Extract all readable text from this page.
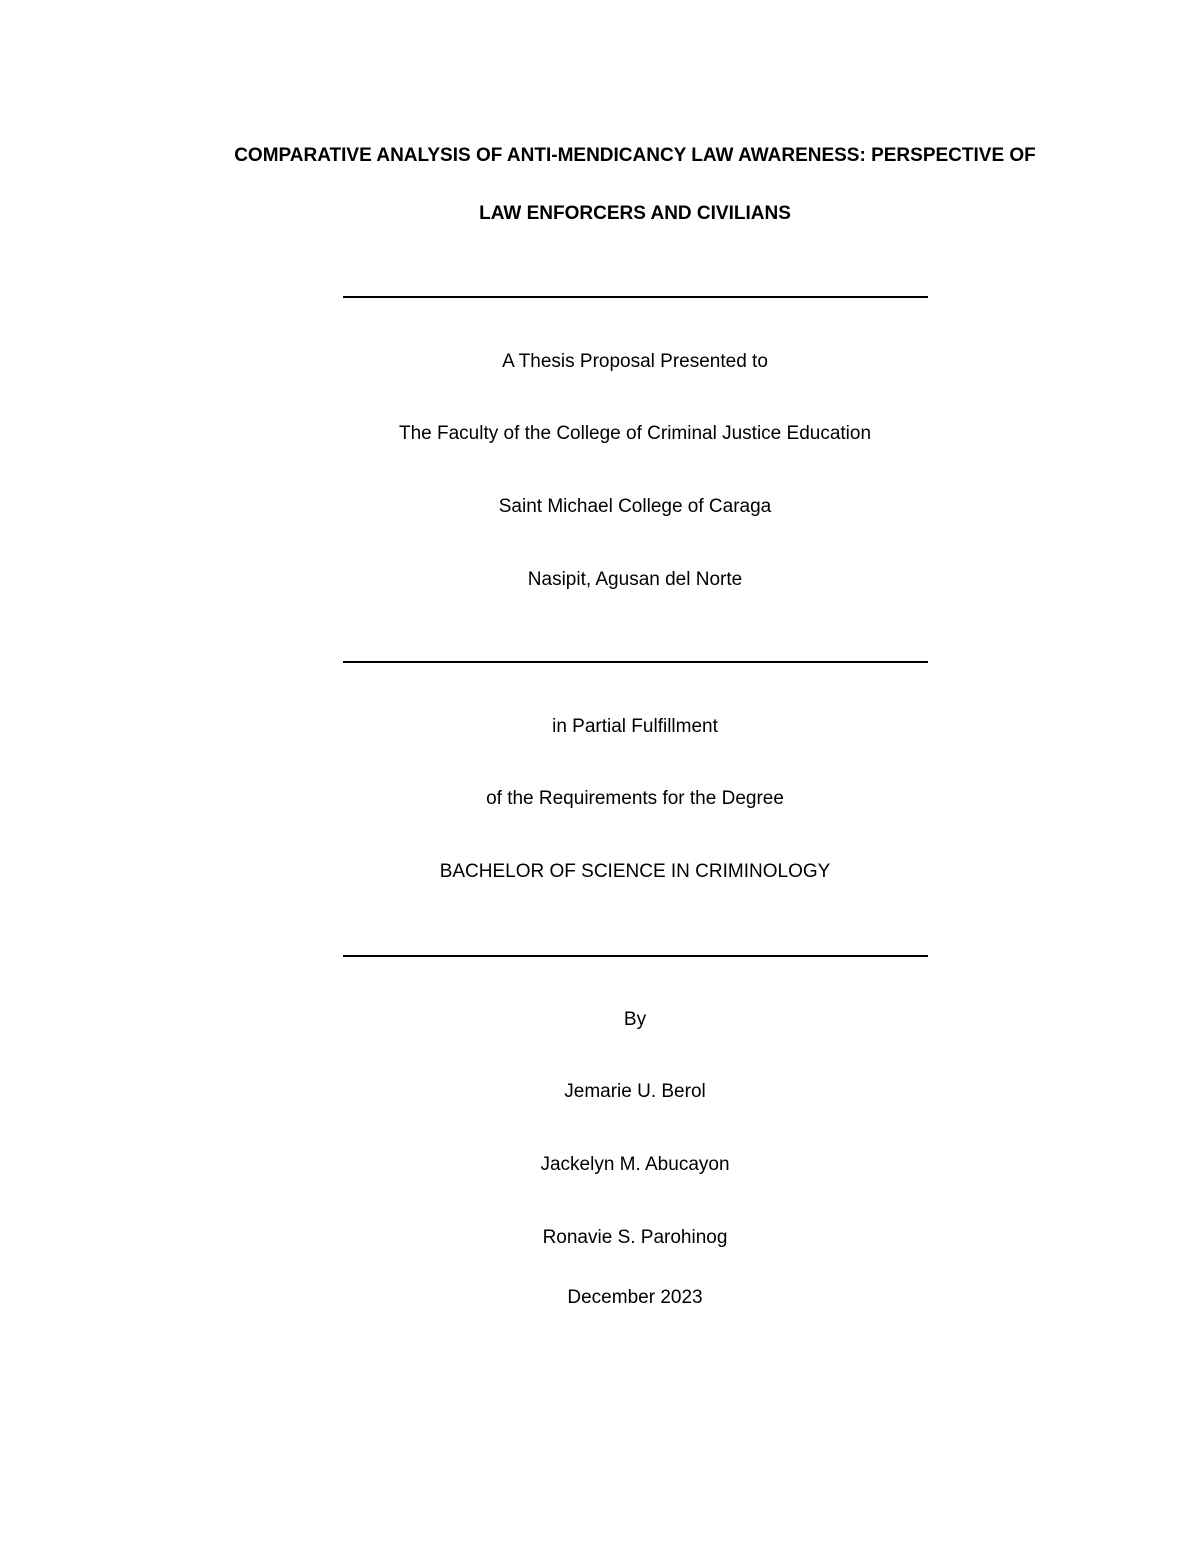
COMPARATIVE ANALYSIS OF ANTI-MENDICANCY LAW AWARENESS: PERSPECTIVE OF
LAW ENFORCERS AND CIVILIANS
A Thesis Proposal Presented to
The Faculty of the College of Criminal Justice Education
Saint Michael College of Caraga
Nasipit, Agusan del Norte
in Partial Fulfillment
of the Requirements for the Degree
BACHELOR OF SCIENCE IN CRIMINOLOGY
By
Jemarie U. Berol
Jackelyn M. Abucayon
Ronavie S. Parohinog
December 2023
